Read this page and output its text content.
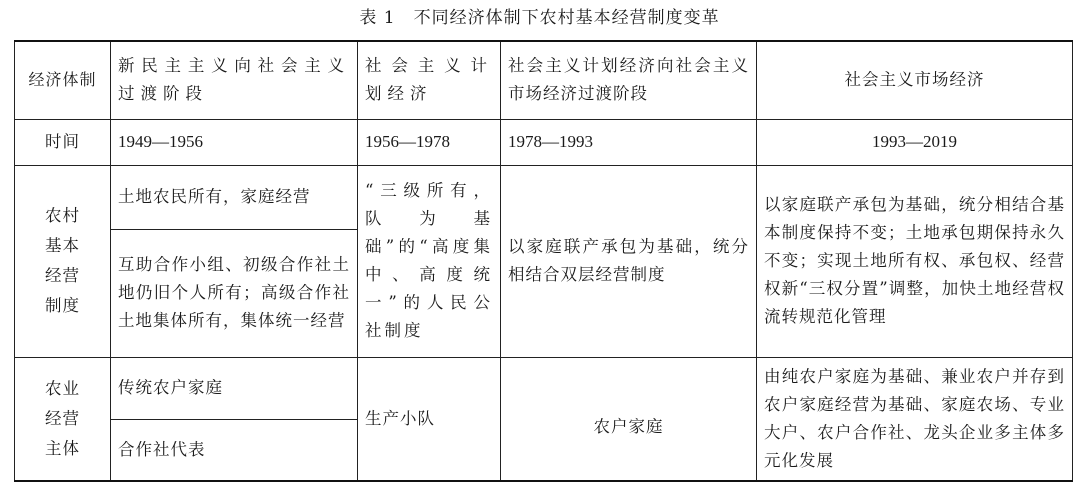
表 1 不同经济体制下农村基本经营制度变革
经济体制	新民主主义向社会主义过渡阶段	社会主义计划经济	社会主义计划经济向社会主义市场经济过渡阶段	社会主义市场经济
时间	1949—1956	1956—1978	1978—1993	1993—2019
农村基本经营制度	土地农民所有，家庭经营	“三级所有，队为基础”的“高度集中、高度统一”的人民公社制度	以家庭联产承包为基础，统分相结合双层经营制度	以家庭联产承包为基础，统分相结合基本制度保持不变；土地承包期保持永久不变；实现土地所有权、承包权、经营权新“三权分置”调整，加快土地经营权流转规范化管理
	互助合作小组、初级合作社土地仍旧个人所有；高级合作社土地集体所有，集体统一经营			
农业经营主体	传统农户家庭	生产小队	农户家庭	由纯农户家庭为基础、兼业农户并存到农户家庭经营为基础、家庭农场、专业大户、农户合作社、龙头企业多主体多元化发展
	合作社代表			
